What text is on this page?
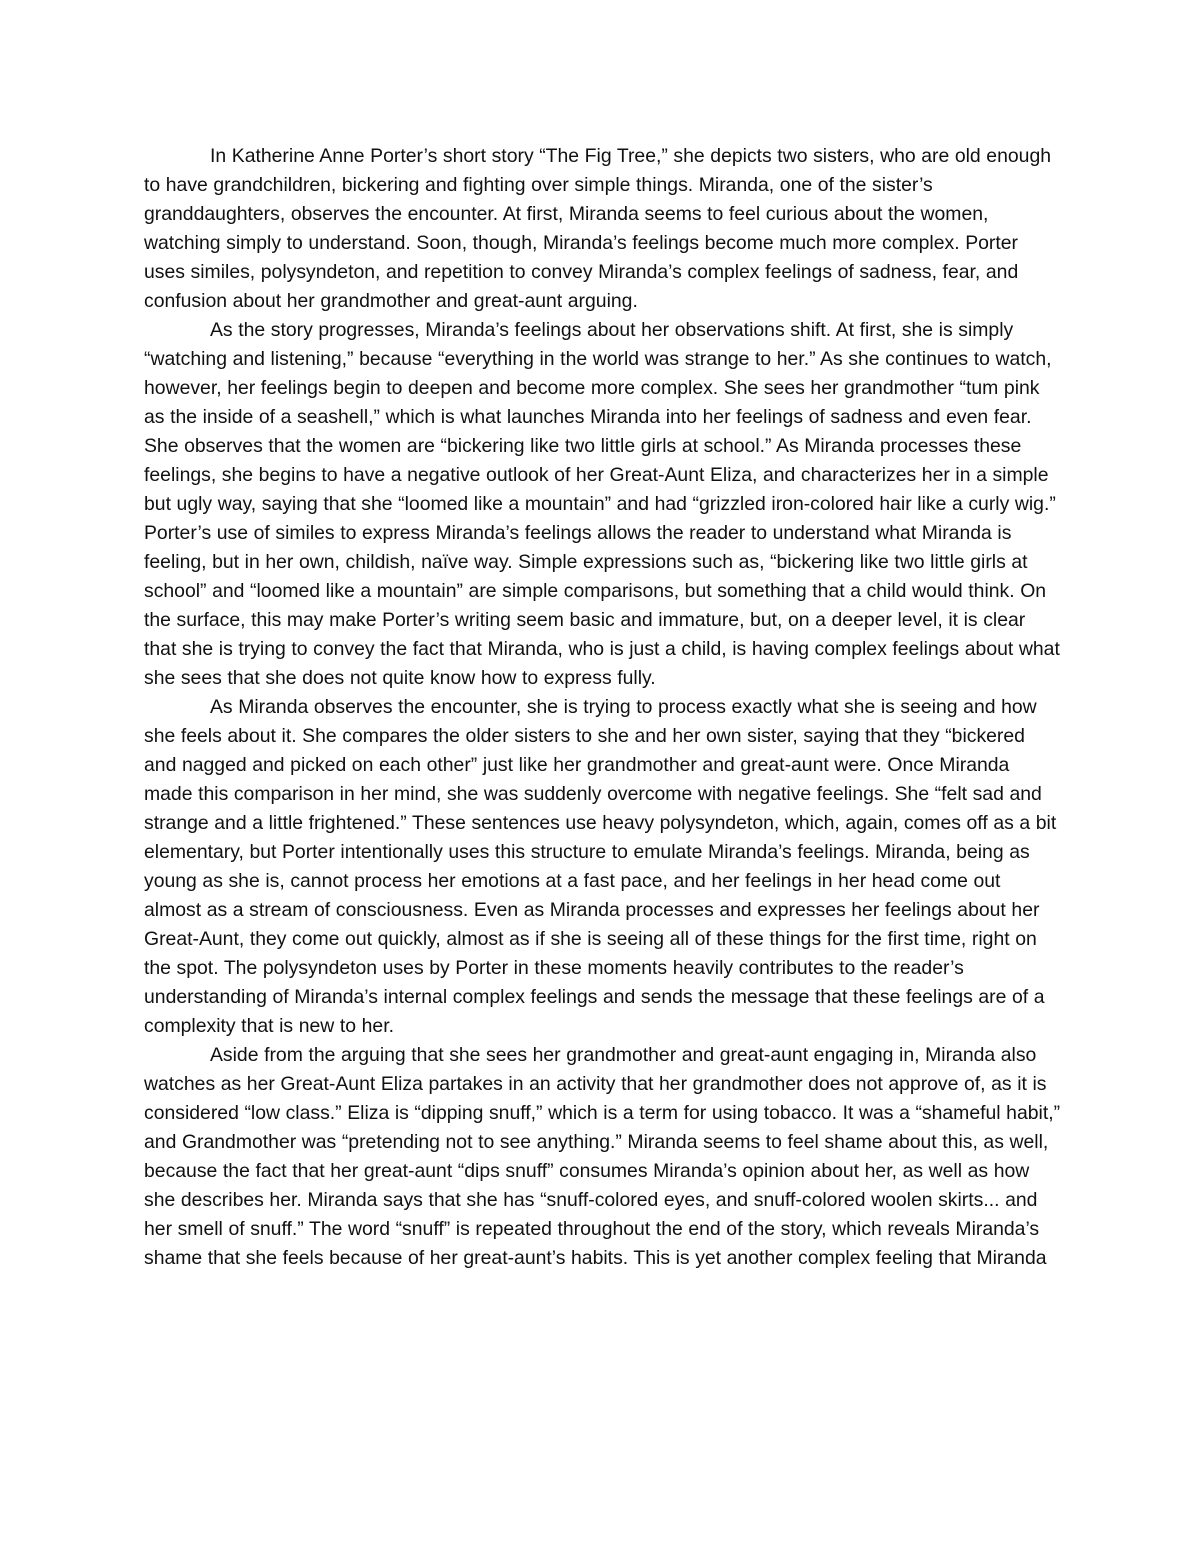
In Katherine Anne Porter’s short story “The Fig Tree,” she depicts two sisters, who are old enough to have grandchildren, bickering and fighting over simple things. Miranda, one of the sister’s granddaughters, observes the encounter. At first, Miranda seems to feel curious about the women, watching simply to understand. Soon, though, Miranda’s feelings become much more complex. Porter uses similes, polysyndeton, and repetition to convey Miranda’s complex feelings of sadness, fear, and confusion about her grandmother and great-aunt arguing.

As the story progresses, Miranda’s feelings about her observations shift. At first, she is simply “watching and listening,” because “everything in the world was strange to her.” As she continues to watch, however, her feelings begin to deepen and become more complex. She sees her grandmother “tum pink as the inside of a seashell,” which is what launches Miranda into her feelings of sadness and even fear. She observes that the women are “bickering like two little girls at school.” As Miranda processes these feelings, she begins to have a negative outlook of her Great-Aunt Eliza, and characterizes her in a simple but ugly way, saying that she “loomed like a mountain” and had “grizzled iron-colored hair like a curly wig.” Porter’s use of similes to express Miranda’s feelings allows the reader to understand what Miranda is feeling, but in her own, childish, naïve way. Simple expressions such as, “bickering like two little girls at school” and “loomed like a mountain” are simple comparisons, but something that a child would think. On the surface, this may make Porter’s writing seem basic and immature, but, on a deeper level, it is clear that she is trying to convey the fact that Miranda, who is just a child, is having complex feelings about what she sees that she does not quite know how to express fully.

As Miranda observes the encounter, she is trying to process exactly what she is seeing and how she feels about it. She compares the older sisters to she and her own sister, saying that they “bickered and nagged and picked on each other” just like her grandmother and great-aunt were. Once Miranda made this comparison in her mind, she was suddenly overcome with negative feelings. She “felt sad and strange and a little frightened.” These sentences use heavy polysyndeton, which, again, comes off as a bit elementary, but Porter intentionally uses this structure to emulate Miranda’s feelings. Miranda, being as young as she is, cannot process her emotions at a fast pace, and her feelings in her head come out almost as a stream of consciousness. Even as Miranda processes and expresses her feelings about her Great-Aunt, they come out quickly, almost as if she is seeing all of these things for the first time, right on the spot. The polysyndeton uses by Porter in these moments heavily contributes to the reader’s understanding of Miranda’s internal complex feelings and sends the message that these feelings are of a complexity that is new to her.

Aside from the arguing that she sees her grandmother and great-aunt engaging in, Miranda also watches as her Great-Aunt Eliza partakes in an activity that her grandmother does not approve of, as it is considered “low class.” Eliza is “dipping snuff,” which is a term for using tobacco. It was a “shameful habit,” and Grandmother was “pretending not to see anything.” Miranda seems to feel shame about this, as well, because the fact that her great-aunt “dips snuff” consumes Miranda’s opinion about her, as well as how she describes her. Miranda says that she has “snuff-colored eyes, and snuff-colored woolen skirts... and her smell of snuff.” The word “snuff” is repeated throughout the end of the story, which reveals Miranda’s shame that she feels because of her great-aunt’s habits. This is yet another complex feeling that Miranda
